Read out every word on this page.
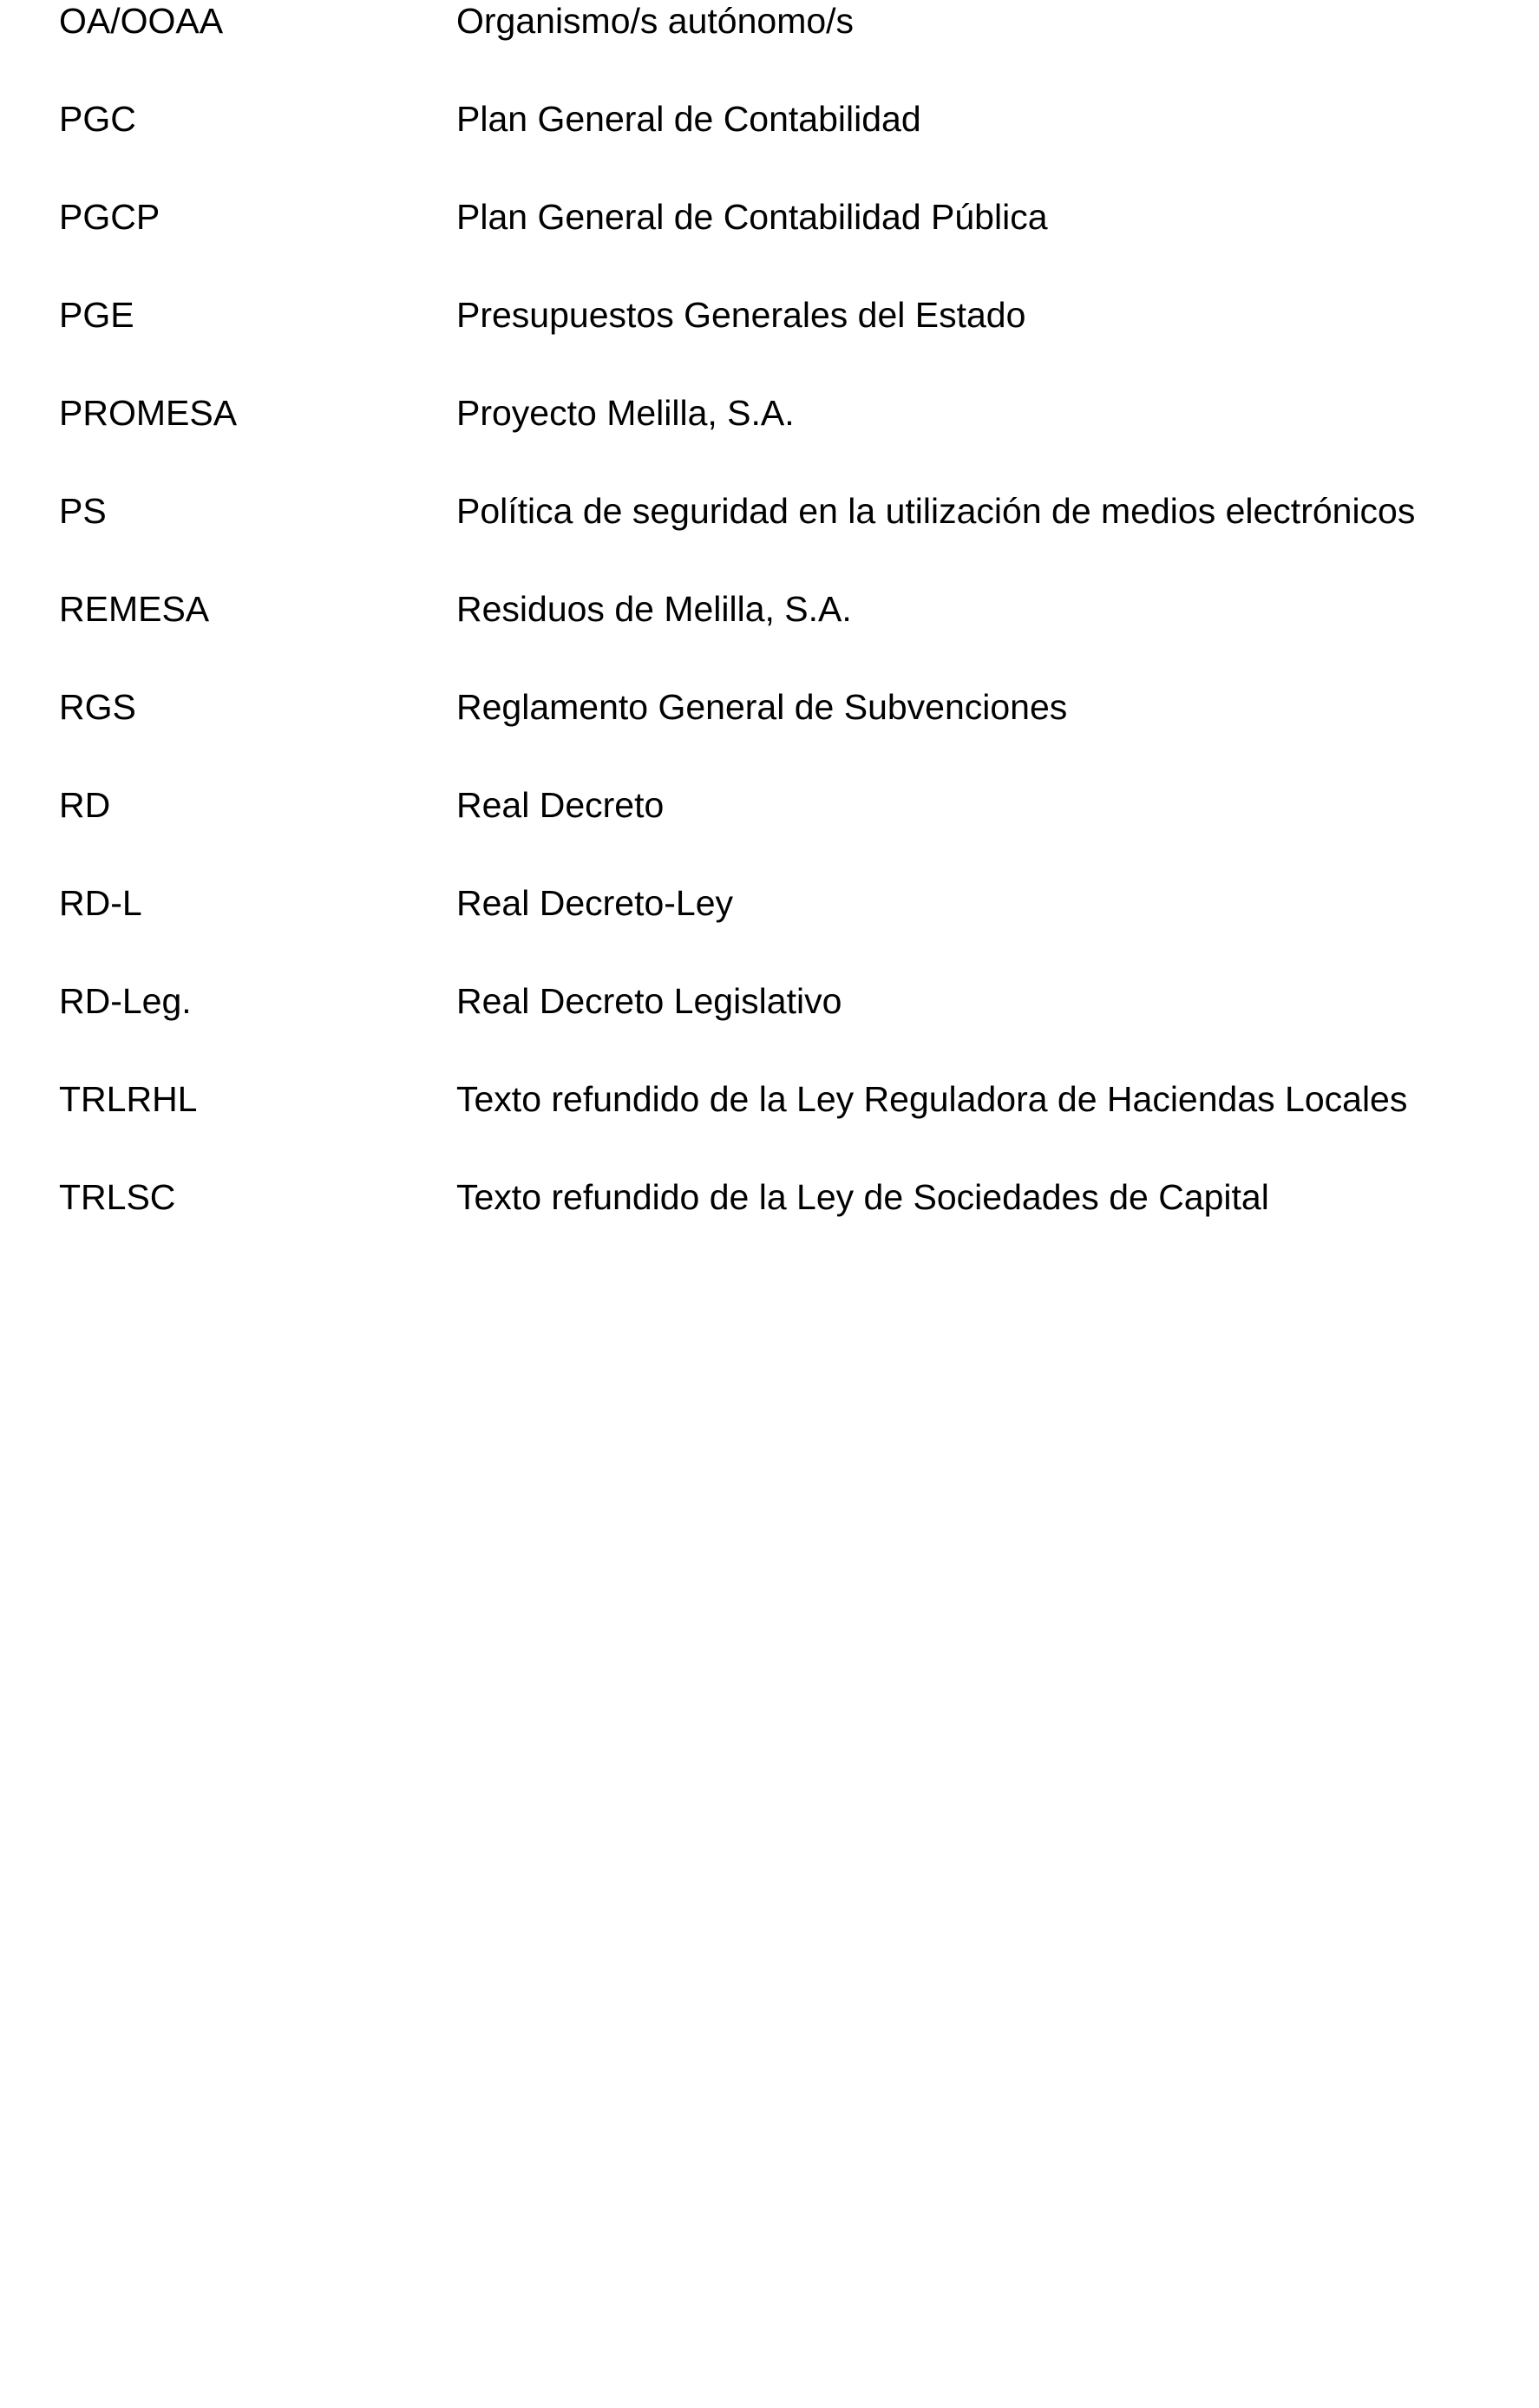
OA/OOAA	Organismo/s autónomo/s
PGC	Plan General de Contabilidad
PGCP	Plan General de Contabilidad Pública
PGE	Presupuestos Generales del Estado
PROMESA	Proyecto Melilla, S.A.
PS	Política de seguridad en la utilización de medios electrónicos
REMESA	Residuos de Melilla, S.A.
RGS	Reglamento General de Subvenciones
RD	Real Decreto
RD-L	Real Decreto-Ley
RD-Leg.	Real Decreto Legislativo
TRLRHL	Texto refundido de la Ley Reguladora de Haciendas Locales
TRLSC	Texto refundido de la Ley de Sociedades de Capital
